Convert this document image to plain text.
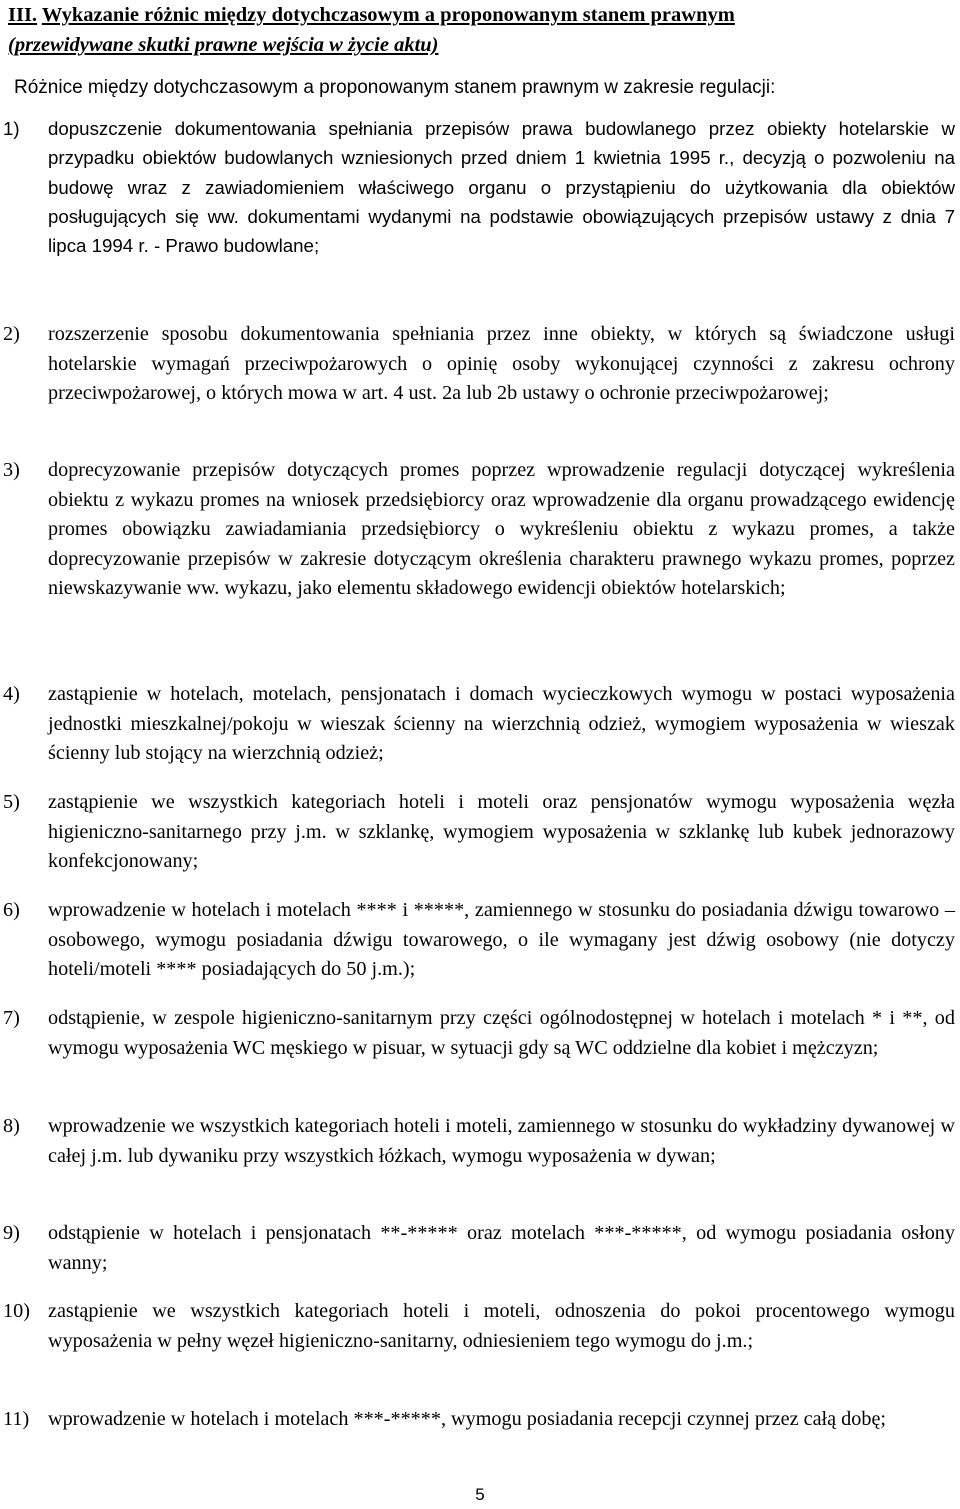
III. Wykazanie różnic między dotychczasowym a proponowanym stanem prawnym
(przewidywane skutki prawne wejścia w życie aktu)
Różnice między dotychczasowym a proponowanym stanem prawnym w zakresie regulacji:
1) dopuszczenie dokumentowania spełniania przepisów prawa budowlanego przez obiekty hotelarskie w przypadku obiektów budowlanych wzniesionych przed dniem 1 kwietnia 1995 r., decyzją o pozwoleniu na budowę wraz z zawiadomieniem właściwego organu o przystąpieniu do użytkowania dla obiektów posługujących się ww. dokumentami wydanymi na podstawie obowiązujących przepisów ustawy z dnia 7 lipca 1994 r. - Prawo budowlane;
2) rozszerzenie sposobu dokumentowania spełniania przez inne obiekty, w których są świadczone usługi hotelarskie wymagań przeciwpożarowych o opinię osoby wykonującej czynności z zakresu ochrony przeciwpożarowej, o których mowa w art. 4 ust. 2a lub 2b ustawy o ochronie przeciwpożarowej;
3) doprecyzowanie przepisów dotyczących promes poprzez wprowadzenie regulacji dotyczącej wykreślenia obiektu z wykazu promes na wniosek przedsiębiorcy oraz wprowadzenie dla organu prowadzącego ewidencję promes obowiązku zawiadamiania przedsiębiorcy o wykreśleniu obiektu z wykazu promes, a także doprecyzowanie przepisów w zakresie dotyczącym określenia charakteru prawnego wykazu promes, poprzez niewskazywanie ww. wykazu, jako elementu składowego ewidencji obiektów hotelarskich;
4) zastąpienie w hotelach, motelach, pensjonatach i domach wycieczkowych wymogu w postaci wyposażenia jednostki mieszkalnej/pokoju w wieszak ścienny na wierzchnią odzież, wymogiem wyposażenia w wieszak ścienny lub stojący na wierzchnią odzież;
5) zastąpienie we wszystkich kategoriach hoteli i moteli oraz pensjonatów wymogu wyposażenia węzła higieniczno-sanitarnego przy j.m. w szklankę, wymogiem wyposażenia w szklankę lub kubek jednorazowy konfekcjonowany;
6) wprowadzenie w hotelach i motelach **** i *****, zamiennego w stosunku do posiadania dźwigu towarowo – osobowego, wymogu posiadania dźwigu towarowego, o ile wymagany jest dźwig osobowy (nie dotyczy hoteli/moteli **** posiadających do 50 j.m.);
7) odstąpienie, w zespole higieniczno-sanitarnym przy części ogólnodostępnej w hotelach i motelach * i **, od wymogu wyposażenia WC męskiego w pisuar, w sytuacji gdy są WC oddzielne dla kobiet i mężczyzn;
8) wprowadzenie we wszystkich kategoriach hoteli i moteli, zamiennego w stosunku do wykładziny dywanowej w całej j.m. lub dywaniku przy wszystkich łóżkach, wymogu wyposażenia w dywan;
9) odstąpienie w hotelach i pensjonatach **-***** oraz motelach ***-*****, od wymogu posiadania osłony wanny;
10) zastąpienie we wszystkich kategoriach hoteli i moteli, odnoszenia do pokoi procentowego wymogu wyposażenia w pełny węzeł higieniczno-sanitarny, odniesieniem tego wymogu do j.m.;
11) wprowadzenie w hotelach i motelach ***-*****, wymogu posiadania recepcji czynnej przez całą dobę;
5
